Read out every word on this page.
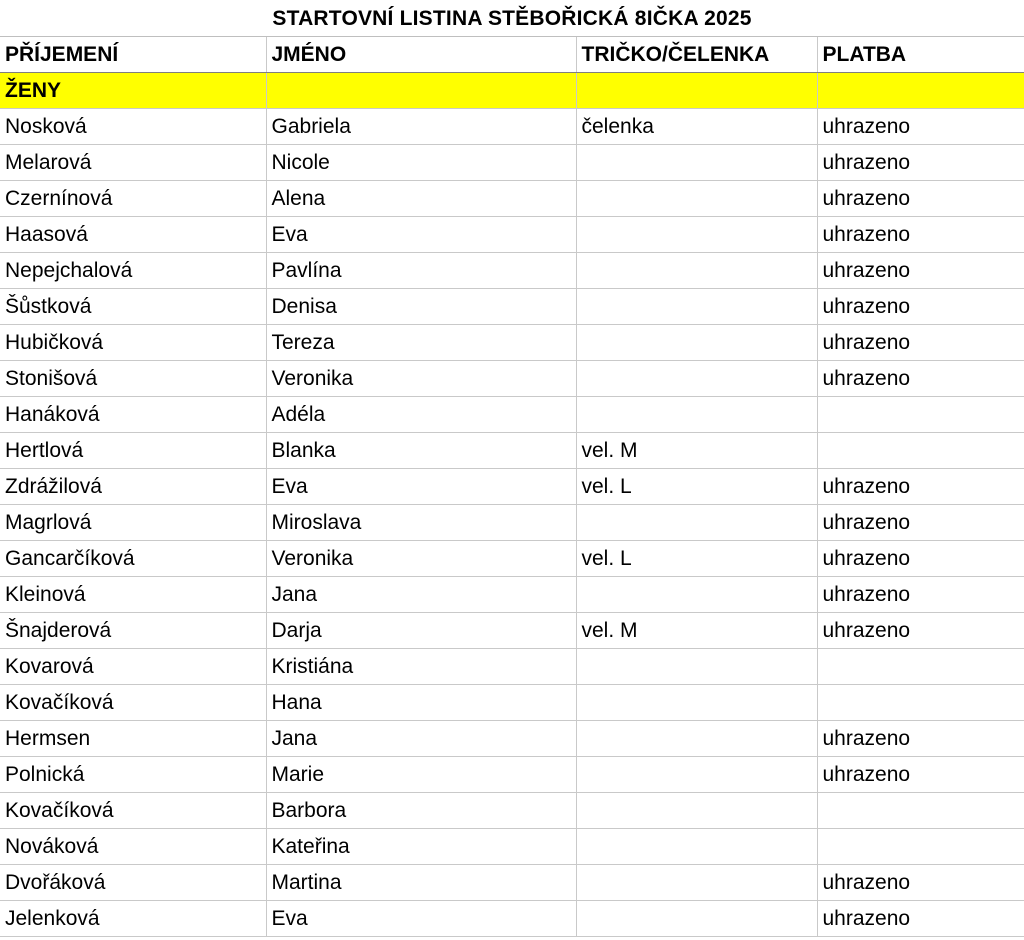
STARTOVNÍ LISTINA STĚBOŘICKÁ 8IČKA 2025
PŘÍJEMENÍ	JMÉNO	TRIČKO/ČELENKA	PLATBA
ŽENY			
Nosková	Gabriela	čelenka	uhrazeno
Melarová	Nicole		uhrazeno
Czernínová	Alena		uhrazeno
Haasová	Eva		uhrazeno
Nepejchalová	Pavlína		uhrazeno
Šůstková	Denisa		uhrazeno
Hubičková	Tereza		uhrazeno
Stonišová	Veronika		uhrazeno
Hanáková	Adéla		
Hertlová	Blanka	vel. M	
Zdrážilová	Eva	vel. L	uhrazeno
Magrlová	Miroslava		uhrazeno
Gancarčíková	Veronika	vel. L	uhrazeno
Kleinová	Jana		uhrazeno
Šnajderová	Darja	vel. M	uhrazeno
Kovarová	Kristiána		
Kovačíková	Hana		
Hermsen	Jana		uhrazeno
Polnická	Marie		uhrazeno
Kovačíková	Barbora		
Nováková	Kateřina		
Dvořáková	Martina		uhrazeno
Jelenková	Eva		uhrazeno
